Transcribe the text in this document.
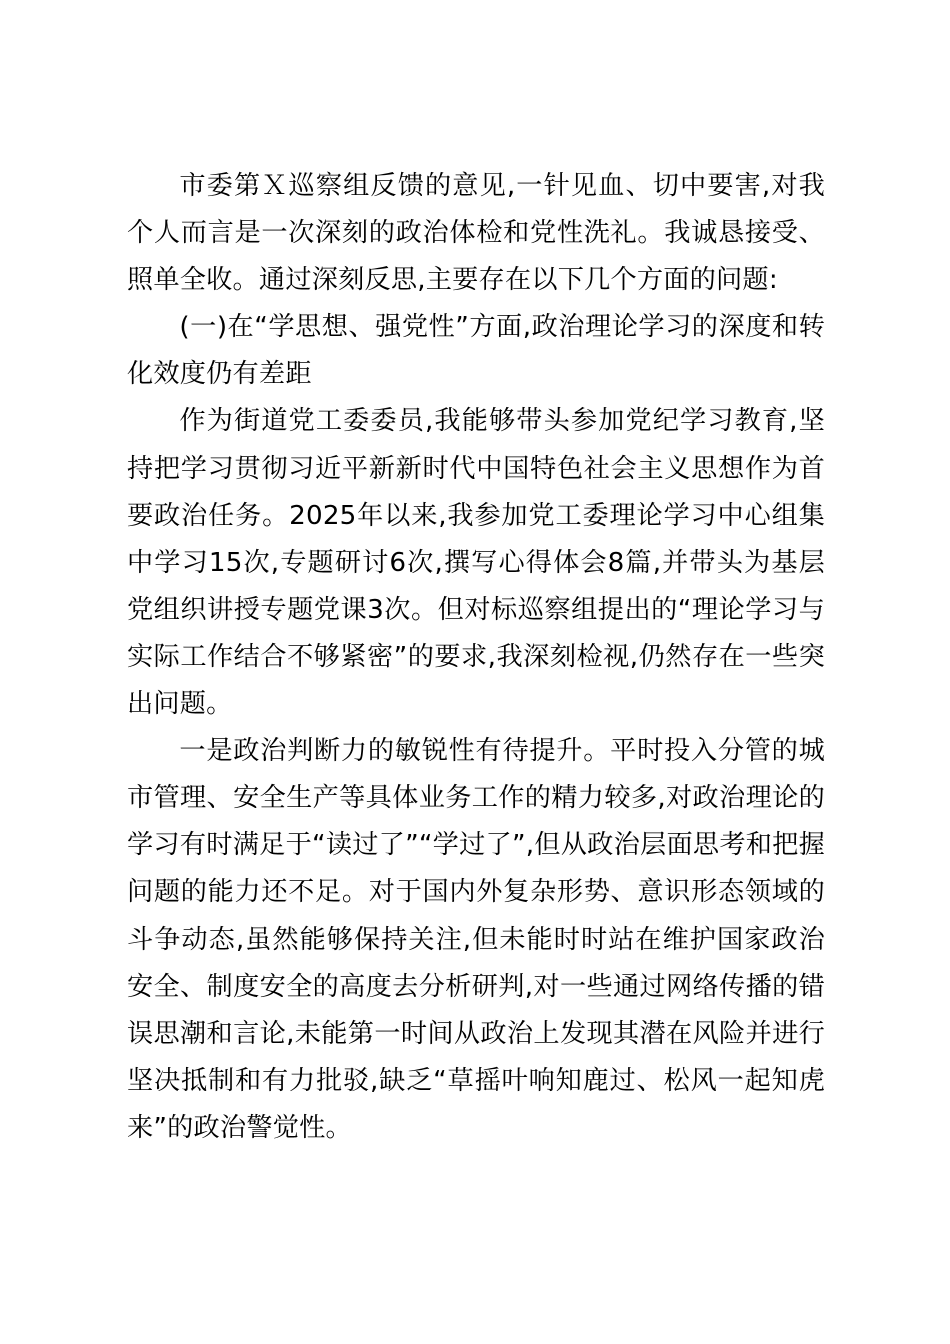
市委第Ｘ巡察组反馈的意见,一针见血、切中要害,对我个人而言是一次深刻的政治体检和党性洗礼。我诚恳接受、照单全收。通过深刻反思,主要存在以下几个方面的问题:

(一)在“学思想、强党性”方面,政治理论学习的深度和转化效度仍有差距

作为街道党工委委员,我能够带头参加党纪学习教育,坚持把学习贯彻习近平新新时代中国特色社会主义思想作为首要政治任务。2025年以来,我参加党工委理论学习中心组集中学习15次,专题研讨6次,撰写心得体会8篇,并带头为基层党组织讲授专题党课3次。但对标巡察组提出的“理论学习与实际工作结合不够紧密”的要求,我深刻检视,仍然存在一些突出问题。

一是政治判断力的敏锐性有待提升。平时投入分管的城市管理、安全生产等具体业务工作的精力较多,对政治理论的学习有时满足于“读过了”“学过了”,但从政治层面思考和把握问题的能力还不足。对于国内外复杂形势、意识形态领域的斗争动态,虽然能够保持关注,但未能时时站在维护国家政治安全、制度安全的高度去分析研判,对一些通过网络传播的错误思潮和言论,未能第一时间从政治上发现其潜在风险并进行坚决抵制和有力批驳,缺乏“草摇叶响知鹿过、松风一起知虎来”的政治警觉性。
